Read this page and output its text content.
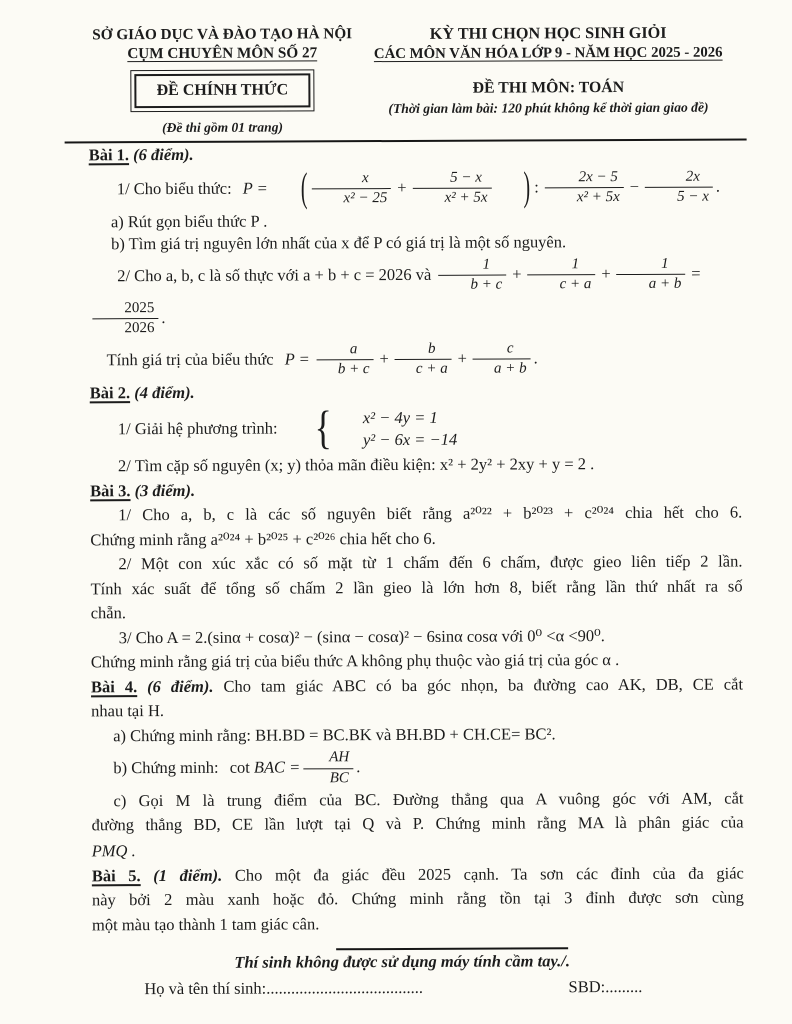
SỞ GIÁO DỤC VÀ ĐÀO TẠO HÀ NỘI
CỤM CHUYÊN MÔN SỐ 27
ĐỀ CHÍNH THỨC
(Đề thi gồm 01 trang)
KỲ THI CHỌN HỌC SINH GIỎI
CÁC MÔN VĂN HÓA LỚP 9 - NĂM HỌC 2025 - 2026
ĐỀ THI MÔN: TOÁN
(Thời gian làm bài: 120 phút không kể thời gian giao đề)

Bài 1. (6 điểm).

1/ Cho biểu thức: P = ( $\frac{x}{\text{x² − 25}} + \frac{5 - x}{\text{x² + 5x}}$ ) : $\frac{2x - 5}{\text{x² + 5x}} - \frac{2x}{5 - x}$ .

a) Rút gọn biểu thức P .

b) Tìm giá trị nguyên lớn nhất của x để P có giá trị là một số nguyên.

2/ Cho a, b, c là số thực với a + b + c = 2026 và $\frac{1}{b + c} + \frac{1}{c + a} + \frac{1}{a + b}$ =
$\frac{2025}{2026}$ .

Tính giá trị của biểu thức $P = \frac{a}{b + c} + \frac{b}{c + a} + \frac{c}{a + b}$ .

Bài 2. (4 điểm).

1/ Giải hệ phương trình: {	x² − 4y = 1
y² − 6x = −14

2/ Tìm cặp số nguyên (x; y) thỏa mãn điều kiện: x² + 2y² + 2xy + y = 2 .

Bài 3. (3 điểm).

1/ Cho a, b, c là các số nguyên biết rằng a²⁰²² + b²⁰²³ + c²⁰²⁴ chia hết cho 6.

Chứng minh rằng a²⁰²⁴ + b²⁰²⁵ + c²⁰²⁶ chia hết cho 6.

2/ Một con xúc xắc có số mặt từ 1 chấm đến 6 chấm, được gieo liên tiếp 2 lần.

Tính xác suất để tổng số chấm 2 lần gieo là lớn hơn 8, biết rằng lần thứ nhất ra số

chẵn.

3/ Cho A = 2.(sinα + cosα)² − (sinα − cosα)² − 6sinα cosα với 0⁰ <α <90⁰.

Chứng minh rằng giá trị của biểu thức A không phụ thuộc vào giá trị của góc α .

Bài 4. (6 điểm). Cho tam giác ABC có ba góc nhọn, ba đường cao AK, DB, CE cắt

nhau tại H.

a) Chứng minh rằng: BH.BD = BC.BK và BH.BD + CH.CE= BC².

b) Chứng minh: cot BAC = $\frac{AH}{BC}$ .

c) Gọi M là trung điểm của BC. Đường thẳng qua A vuông góc với AM, cắt

đường thẳng BD, CE lần lượt tại Q và P. Chứng minh rằng MA là phân giác của

PMQ .

Bài 5. (1 điểm). Cho một đa giác đều 2025 cạnh. Ta sơn các đỉnh của đa giác

này bởi 2 màu xanh hoặc đỏ. Chứng minh rằng tồn tại 3 đỉnh được sơn cùng

một màu tạo thành 1 tam giác cân.

Thí sinh không được sử dụng máy tính cầm tay./.

Họ và tên thí sinh:......................................	SBD:.........
